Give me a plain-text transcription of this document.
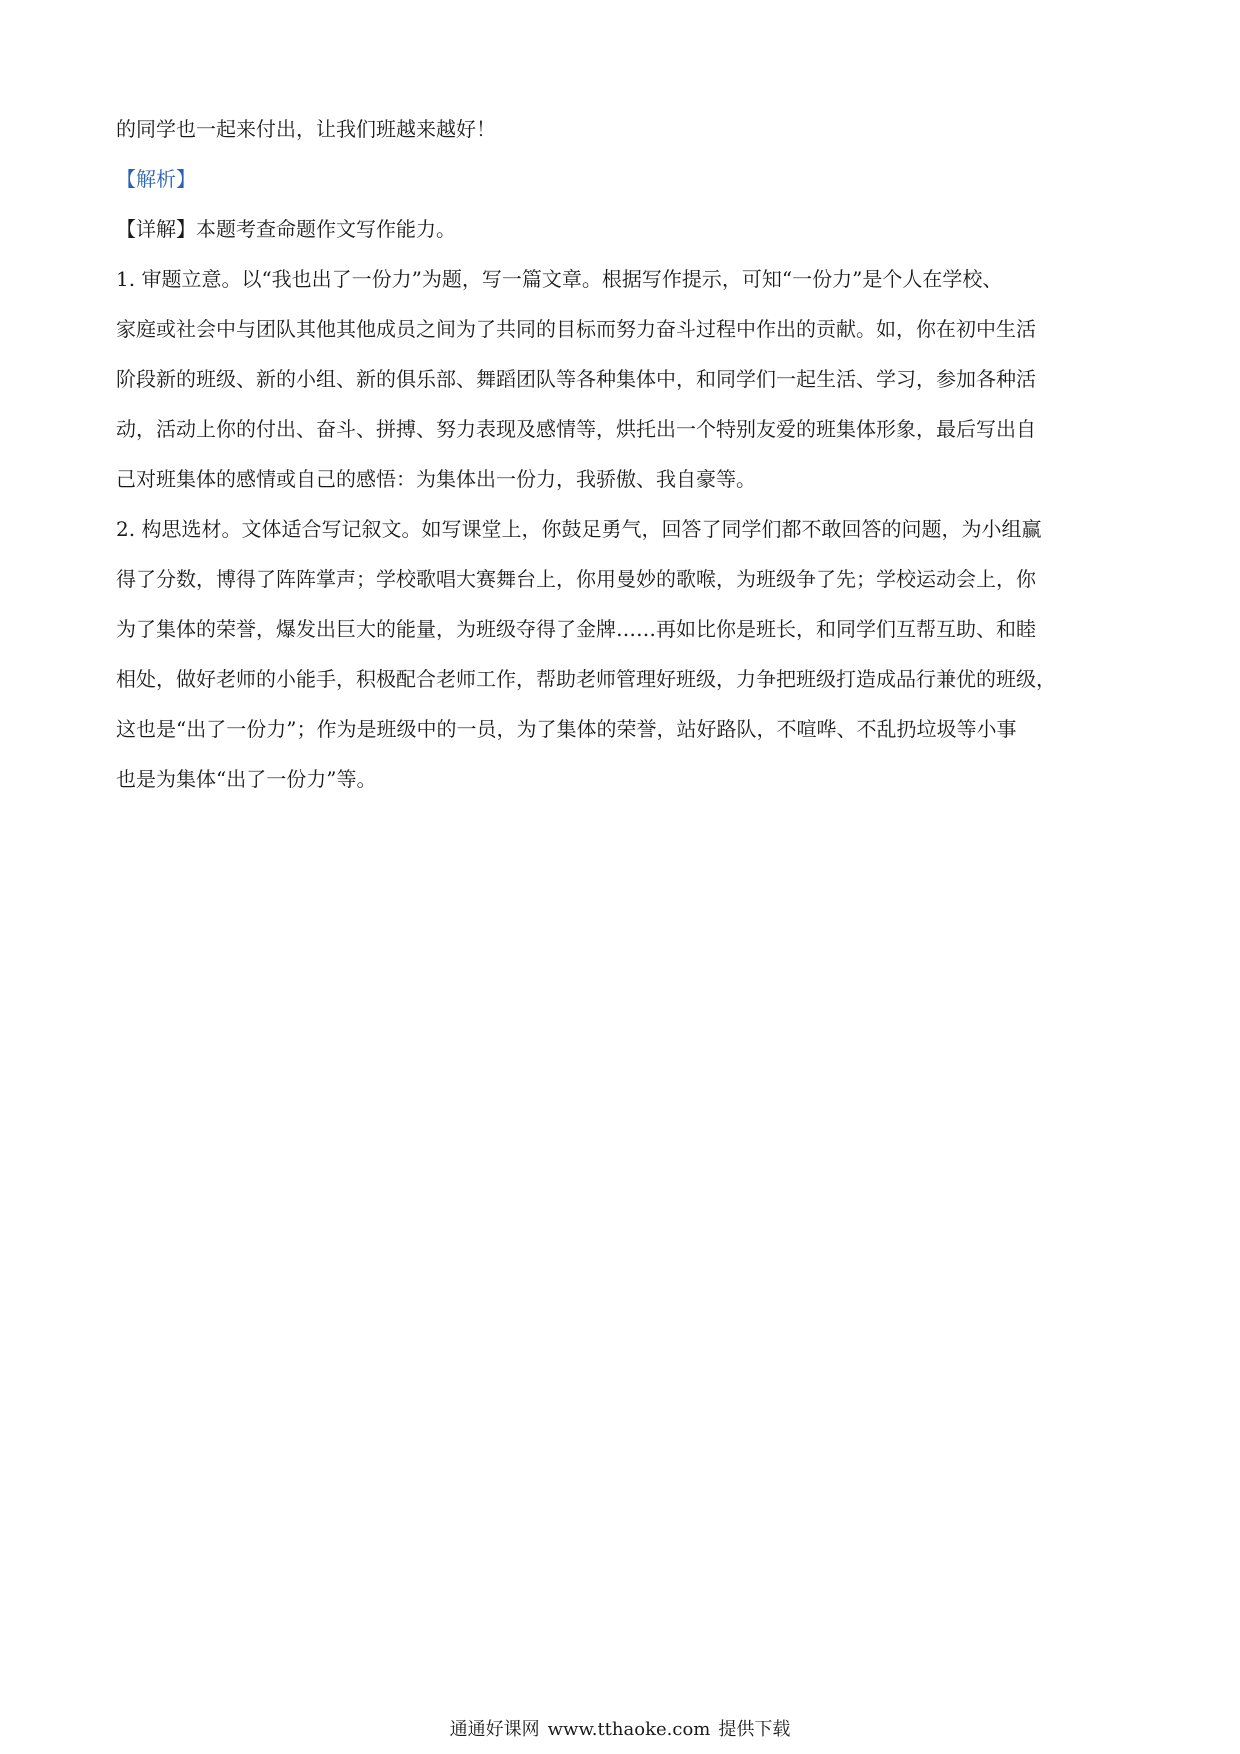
的同学也一起来付出，让我们班越来越好！
【解析】
【详解】本题考查命题作文写作能力。
1. 审题立意。以“我也出了一份力”为题，写一篇文章。根据写作提示，可知“一份力”是个人在学校、
家庭或社会中与团队其他其他成员之间为了共同的目标而努力奋斗过程中作出的贡献。如，你在初中生活
阶段新的班级、新的小组、新的俱乐部、舞蹈团队等各种集体中，和同学们一起生活、学习，参加各种活
动，活动上你的付出、奋斗、拼搏、努力表现及感情等，烘托出一个特别友爱的班集体形象，最后写出自
己对班集体的感情或自己的感悟：为集体出一份力，我骄傲、我自豪等。
2. 构思选材。文体适合写记叙文。如写课堂上，你鼓足勇气，回答了同学们都不敢回答的问题，为小组赢
得了分数，博得了阵阵掌声；学校歌唱大赛舞台上，你用曼妙的歌喉，为班级争了先；学校运动会上，你
为了集体的荣誉，爆发出巨大的能量，为班级夺得了金牌……再如比你是班长，和同学们互帮互助、和睦
相处，做好老师的小能手，积极配合老师工作，帮助老师管理好班级，力争把班级打造成品行兼优的班级，
这也是“出了一份力”；作为是班级中的一员，为了集体的荣誉，站好路队，不喧哗、不乱扔垃圾等小事
也是为集体“出了一份力”等。
通通好课网 www.tthaoke.com 提供下载
